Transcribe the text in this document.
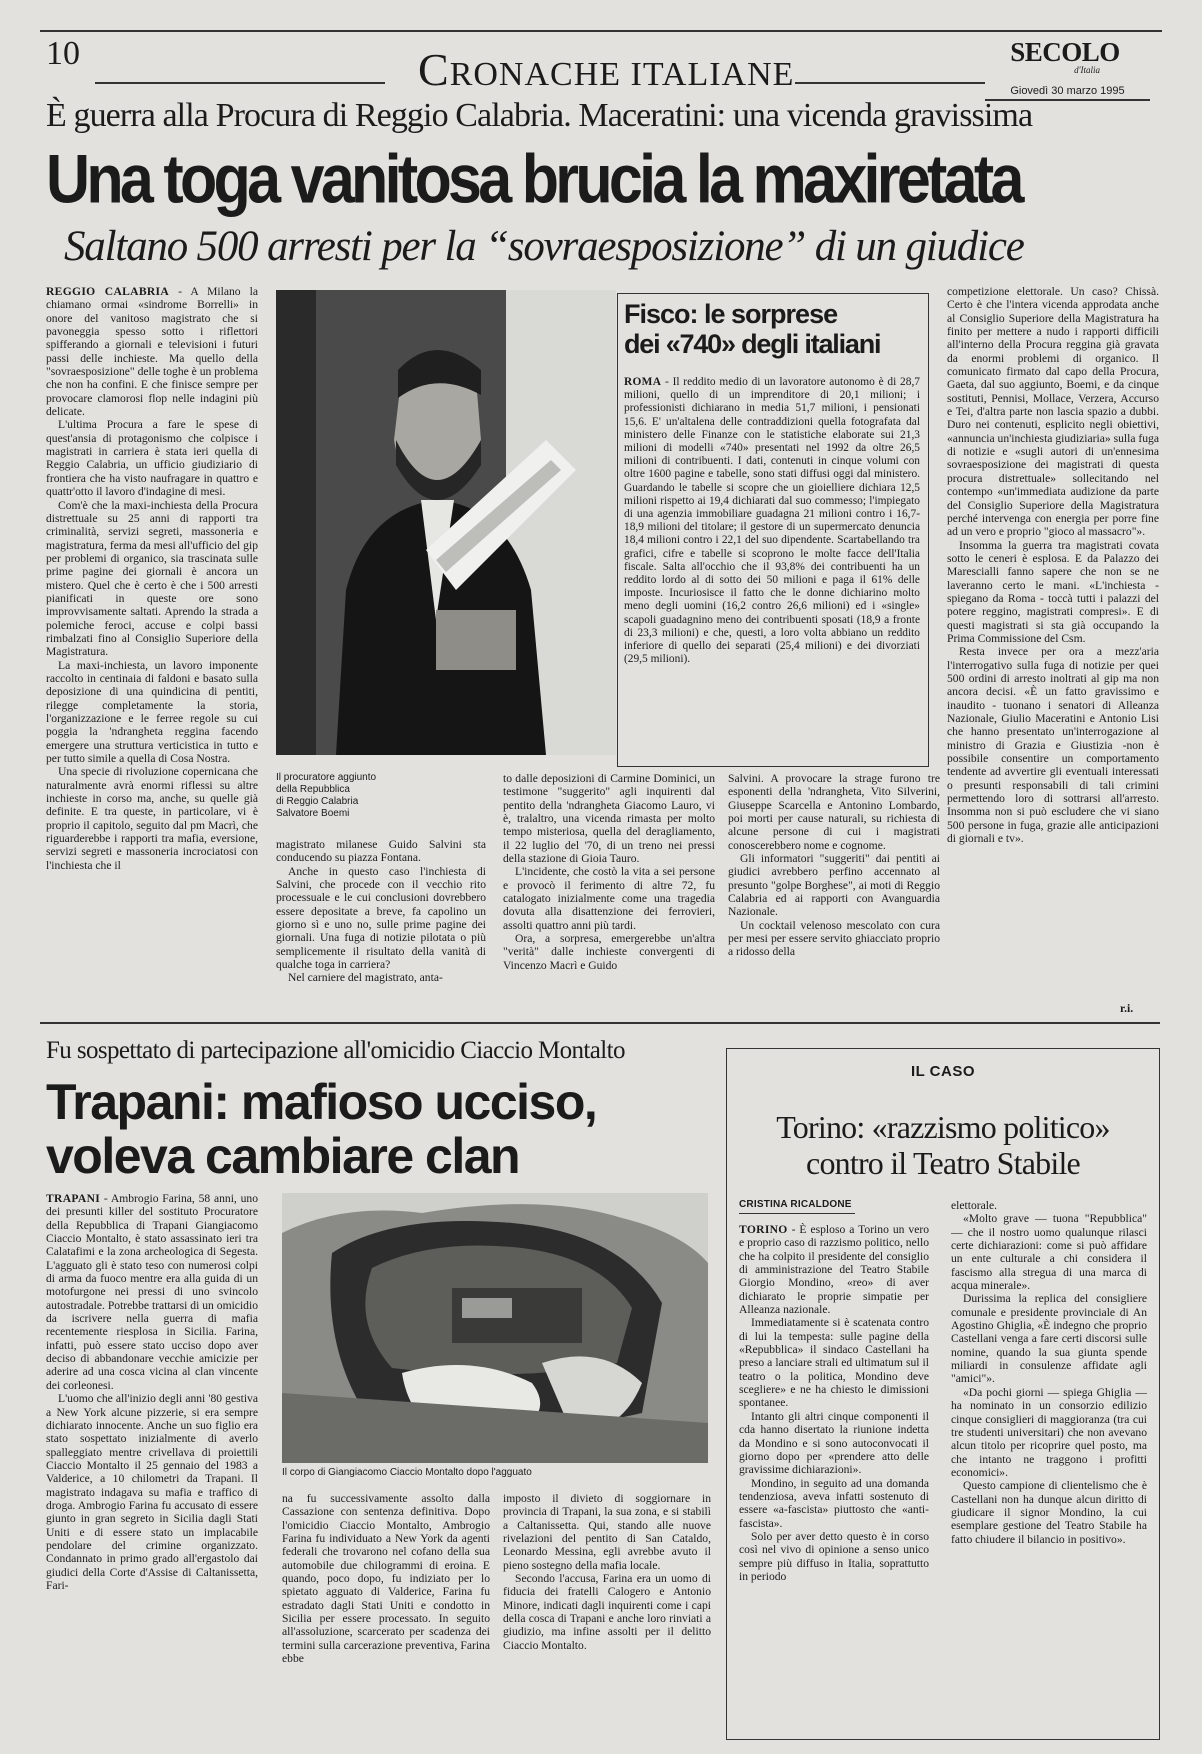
10	CRONACHE ITALIANE
SECOLO
d'Italia
Giovedì 30 marzo 1995
È guerra alla Procura di Reggio Calabria. Maceratini: una vicenda gravissima
Una toga vanitosa brucia la maxiretata
Saltano 500 arresti per la “sovraesposizione” di un giudice

REGGIO CALABRIA - A Milano la chiamano ormai «sindrome Borrelli» in onore del vanitoso magistrato che si pavoneggia spesso sotto i riflettori spifferando a giornali e televisioni i futuri passi delle inchieste. Ma quello della "sovraesposizione" delle toghe è un problema che non ha confini. E che finisce sempre per provocare clamorosi flop nelle indagini più delicate.

L'ultima Procura a fare le spese di quest'ansia di protagonismo che colpisce i magistrati in carriera è stata ieri quella di Reggio Calabria, un ufficio giudiziario di frontiera che ha visto naufragare in quattro e quattr'otto il lavoro d'indagine di mesi.

Com'è che la maxi-inchiesta della Procura distrettuale su 25 anni di rapporti tra criminalità, servizi segreti, massoneria e magistratura, ferma da mesi all'ufficio del gip per problemi di organico, sia trascinata sulle prime pagine dei giornali è ancora un mistero. Quel che è certo è che i 500 arresti pianificati in queste ore sono improvvisamente saltati. Aprendo la strada a polemiche feroci, accuse e colpi bassi rimbalzati fino al Consiglio Superiore della Magistratura.

La maxi-inchiesta, un lavoro imponente raccolto in centinaia di faldoni e basato sulla deposizione di una quindicina di pentiti, rilegge completamente la storia, l'organizzazione e le ferree regole su cui poggia la 'ndrangheta reggina facendo emergere una struttura verticistica in tutto e per tutto simile a quella di Cosa Nostra.

Una specie di rivoluzione copernicana che naturalmente avrà enormi riflessi su altre inchieste in corso ma, anche, su quelle già definite. E tra queste, in particolare, vi è proprio il capitolo, seguito dal pm Macrì, che riguarderebbe i rapporti tra mafia, eversione, servizi segreti e massoneria incrociatosi con l'inchiesta che il

Il procuratore aggiunto
della Repubblica
di Reggio Calabria
Salvatore Boemi

magistrato milanese Guido Salvini sta conducendo su piazza Fontana.

Anche in questo caso l'inchiesta di Salvini, che procede con il vecchio rito processuale e le cui conclusioni dovrebbero essere depositate a breve, fa capolino un giorno sì e uno no, sulle prime pagine dei giornali. Una fuga di notizie pilotata o più semplicemente il risultato della vanità di qualche toga in carriera?

Nel carniere del magistrato, anta-

Fisco: le sorprese
dei «740» degli italiani

ROMA - Il reddito medio di un lavoratore autonomo è di 28,7 milioni, quello di un imprenditore di 20,1 milioni; i professionisti dichiarano in media 51,7 milioni, i pensionati 15,6. E' un'altalena delle contraddizioni quella fotografata dal ministero delle Finanze con le statistiche elaborate sui 21,3 milioni di modelli «740» presentati nel 1992 da oltre 26,5 milioni di contribuenti. I dati, contenuti in cinque volumi con oltre 1600 pagine e tabelle, sono stati diffusi oggi dal ministero. Guardando le tabelle si scopre che un gioielliere dichiara 12,5 milioni rispetto ai 19,4 dichiarati dal suo commesso; l'impiegato di una agenzia immobiliare guadagna 21 milioni contro i 16,7-18,9 milioni del titolare; il gestore di un supermercato denuncia 18,4 milioni contro i 22,1 del suo dipendente. Scartabellando tra grafici, cifre e tabelle si scoprono le molte facce dell'Italia fiscale. Salta all'occhio che il 93,8% dei contribuenti ha un reddito lordo al di sotto dei 50 milioni e paga il 61% delle imposte. Incuriosisce il fatto che le donne dichiarino molto meno degli uomini (16,2 contro 26,6 milioni) ed i «single» scapoli guadagnino meno dei contribuenti sposati (18,9 a fronte di 23,3 milioni) e che, questi, a loro volta abbiano un reddito inferiore di quello dei separati (25,4 milioni) e dei divorziati (29,5 milioni).

to dalle deposizioni di Carmine Dominici, un testimone "suggerito" agli inquirenti dal pentito della 'ndrangheta Giacomo Lauro, vi è, tralaltro, una vicenda rimasta per molto tempo misteriosa, quella del deragliamento, il 22 luglio del '70, di un treno nei pressi della stazione di Gioia Tauro.

L'incidente, che costò la vita a sei persone e provocò il ferimento di altre 72, fu catalogato inizialmente come una tragedia dovuta alla disattenzione dei ferrovieri, assolti quattro anni più tardi.

Ora, a sorpresa, emergerebbe un'altra "verità" dalle inchieste convergenti di Vincenzo Macrì e Guido

Salvini. A provocare la strage furono tre esponenti della 'ndrangheta, Vito Silverini, Giuseppe Scarcella e Antonino Lombardo, poi morti per cause naturali, su richiesta di alcune persone di cui i magistrati conoscerebbero nome e cognome.

Gli informatori "suggeriti" dai pentiti ai giudici avrebbero perfino accennato al presunto "golpe Borghese", ai moti di Reggio Calabria ed ai rapporti con Avanguardia Nazionale.

Un cocktail velenoso mescolato con cura per mesi per essere servito ghiacciato proprio a ridosso della

competizione elettorale. Un caso? Chissà. Certo è che l'intera vicenda approdata anche al Consiglio Superiore della Magistratura ha finito per mettere a nudo i rapporti difficili all'interno della Procura reggina già gravata da enormi problemi di organico. Il comunicato firmato dal capo della Procura, Gaeta, dal suo aggiunto, Boemi, e da cinque sostituti, Pennisi, Mollace, Verzera, Accurso e Tei, d'altra parte non lascia spazio a dubbi. Duro nei contenuti, esplicito negli obiettivi, «annuncia un'inchiesta giudiziaria» sulla fuga di notizie e «sugli autori di un'ennesima sovraesposizione dei magistrati di questa procura distrettuale» sollecitando nel contempo «un'immediata audizione da parte del Consiglio Superiore della Magistratura perché intervenga con energia per porre fine ad un vero e proprio "gioco al massacro"».

Insomma la guerra tra magistrati covata sotto le ceneri è esplosa. E da Palazzo dei Marescialli fanno sapere che non se ne laveranno certo le mani. «L'inchiesta - spiegano da Roma - toccà tutti i palazzi del potere reggino, magistrati compresi». E di questi magistrati si sta già occupando la Prima Commissione del Csm.

Resta invece per ora a mezz'aria l'interrogativo sulla fuga di notizie per quei 500 ordini di arresto inoltrati al gip ma non ancora decisi. «È un fatto gravissimo e inaudito - tuonano i senatori di Alleanza Nazionale, Giulio Maceratini e Antonio Lisi che hanno presentato un'interrogazione al ministro di Grazia e Giustizia -non è possibile consentire un comportamento tendente ad avvertire gli eventuali interessati o presunti responsabili di tali crimini permettendo loro di sottrarsi all'arresto. Insomma non si può escludere che vi siano 500 persone in fuga, grazie alle anticipazioni di giornali e tv».

r.i.
Fu sospettato di partecipazione all'omicidio Ciaccio Montalto
Trapani: mafioso ucciso,
voleva cambiare clan

TRAPANI - Ambrogio Farina, 58 anni, uno dei presunti killer del sostituto Procuratore della Repubblica di Trapani Giangiacomo Ciaccio Montalto, è stato assassinato ieri tra Calatafimi e la zona archeologica di Segesta. L'agguato gli è stato teso con numerosi colpi di arma da fuoco mentre era alla guida di un motofurgone nei pressi di uno svincolo autostradale. Potrebbe trattarsi di un omicidio da iscrivere nella guerra di mafia recentemente riesplosa in Sicilia. Farina, infatti, può essere stato ucciso dopo aver deciso di abbandonare vecchie amicizie per aderire ad una cosca vicina al clan vincente dei corleonesi.

L'uomo che all'inizio degli anni '80 gestiva a New York alcune pizzerie, si era sempre dichiarato innocente. Anche un suo figlio era stato sospettato inizialmente di averlo spalleggiato mentre crivellava di proiettili Ciaccio Montalto il 25 gennaio del 1983 a Valderice, a 10 chilometri da Trapani. Il magistrato indagava su mafia e traffico di droga. Ambrogio Farina fu accusato di essere giunto in gran segreto in Sicilia dagli Stati Uniti e di essere stato un implacabile pendolare del crimine organizzato. Condannato in primo grado all'ergastolo dai giudici della Corte d'Assise di Caltanissetta, Fari-

Il corpo di Giangiacomo Ciaccio Montalto dopo l'agguato

na fu successivamente assolto dalla Cassazione con sentenza definitiva. Dopo l'omicidio Ciaccio Montalto, Ambrogio Farina fu individuato a New York da agenti federali che trovarono nel cofano della sua automobile due chilogrammi di eroina. E quando, poco dopo, fu indiziato per lo spietato agguato di Valderice, Farina fu estradato dagli Stati Uniti e condotto in Sicilia per essere processato. In seguito all'assoluzione, scarcerato per scadenza dei termini sulla carcerazione preventiva, Farina ebbe

imposto il divieto di soggiornare in provincia di Trapani, la sua zona, e si stabilì a Caltanissetta. Qui, stando alle nuove rivelazioni del pentito di San Cataldo, Leonardo Messina, egli avrebbe avuto il pieno sostegno della mafia locale.

Secondo l'accusa, Farina era un uomo di fiducia dei fratelli Calogero e Antonio Minore, indicati dagli inquirenti come i capi della cosca di Trapani e anche loro rinviati a giudizio, ma infine assolti per il delitto Ciaccio Montalto.

IL CASO
Torino: «razzismo politico»
contro il Teatro Stabile
CRISTINA RICALDONE

TORINO - È esploso a Torino un vero e proprio caso di razzismo politico, nello che ha colpito il presidente del consiglio di amministrazione del Teatro Stabile Giorgio Mondino, «reo» di aver dichiarato le proprie simpatie per Alleanza nazionale.

Immediatamente si è scatenata contro di lui la tempesta: sulle pagine della «Repubblica» il sindaco Castellani ha preso a lanciare strali ed ultimatum sul il teatro o la politica, Mondino deve scegliere» e ne ha chiesto le dimissioni spontanee.

Intanto gli altri cinque componenti il cda hanno disertato la riunione indetta da Mondino e si sono autoconvocati il giorno dopo per «prendere atto delle gravissime dichiarazioni».

Mondino, in seguito ad una domanda tendenziosa, aveva infatti sostenuto di essere «a-fascista» piuttosto che «anti-fascista».

Solo per aver detto questo è in corso così nel vivo di opinione a senso unico sempre più diffuso in Italia, soprattutto in periodo

elettorale.

«Molto grave — tuona "Repubblica" — che il nostro uomo qualunque rilasci certe dichiarazioni: come si può affidare un ente culturale a chi considera il fascismo alla stregua di una marca di acqua minerale».

Durissima la replica del consigliere comunale e presidente provinciale di An Agostino Ghiglia, «È indegno che proprio Castellani venga a fare certi discorsi sulle nomine, quando la sua giunta spende miliardi in consulenze affidate agli "amici"».

«Da pochi giorni — spiega Ghiglia — ha nominato in un consorzio edilizio cinque consiglieri di maggioranza (tra cui tre studenti universitari) che non avevano alcun titolo per ricoprire quel posto, ma che intanto ne traggono i profitti economici».

Questo campione di clientelismo che è Castellani non ha dunque alcun diritto di giudicare il signor Mondino, la cui esemplare gestione del Teatro Stabile ha fatto chiudere il bilancio in positivo».
